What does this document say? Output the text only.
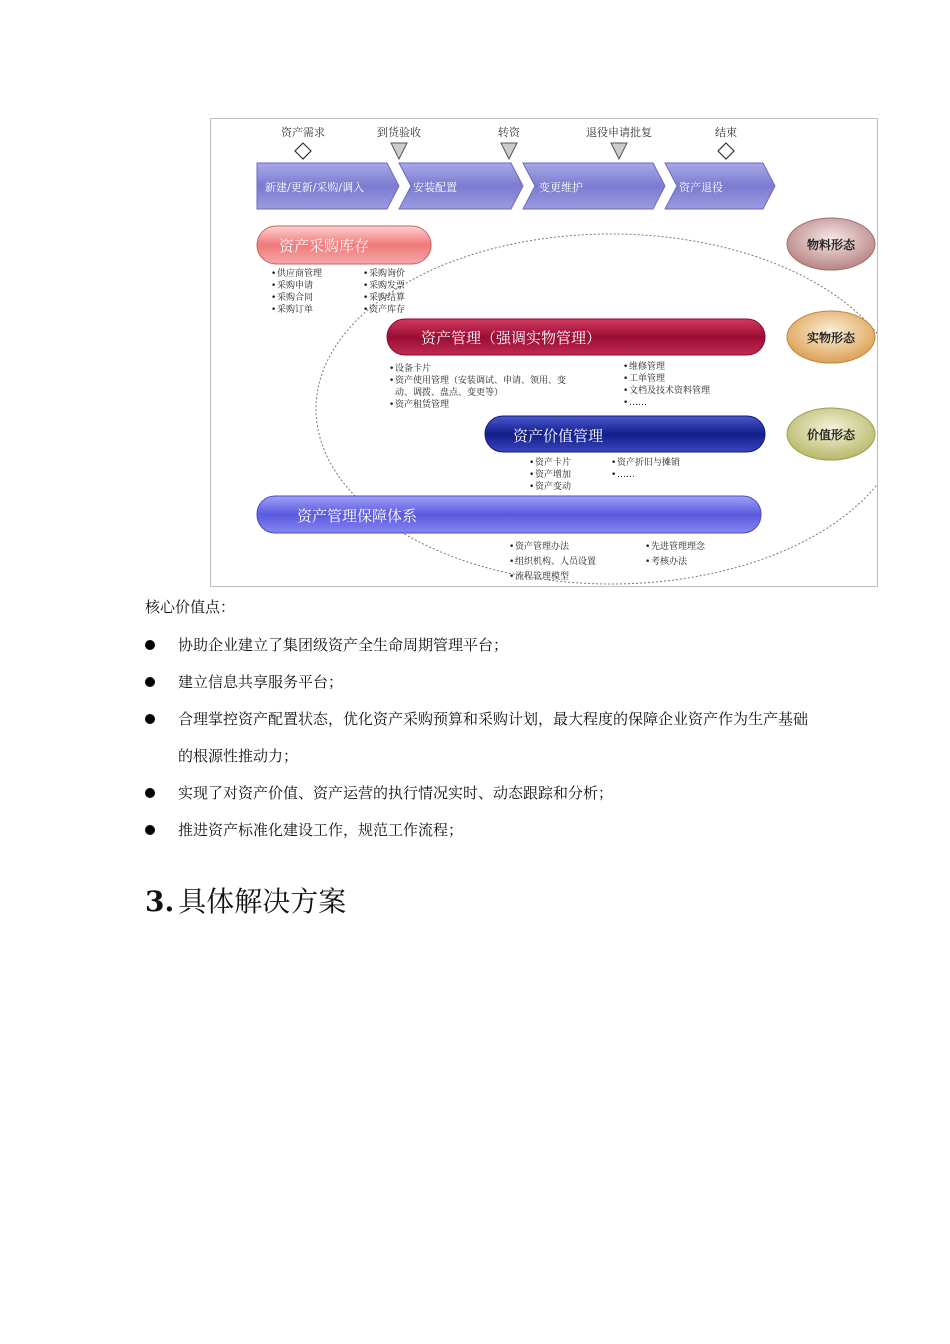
资产需求	到货验收	转资	退役申请批复	结束
新建/更新/采购/调入	安装配置	变更维护	资产退役
资产采购库存
• 供应商管理
• 采购申请
• 采购合同
• 采购订单
• 采购询价
• 采购发票
• 采购结算
• 资产库存
资产管理（强调实物管理）
• 设备卡片
• 资产使用管理（安装调试、申请、领用、变
动、调拨、盘点、变更等）
• 资产租赁管理
• 维修管理
• 工单管理
• 文档及技术资料管理
• ……
资产价值管理
• 资产卡片
• 资产增加
• 资产变动
• 资产折旧与摊销
• ……
资产管理保障体系
• 资产管理办法
• 组织机构、人员设置
• 流程管理模型
• 先进管理理念
• 考核办法
物料形态
实物形态
价值形态
核心价值点：
协助企业建立了集团级资产全生命周期管理平台；
建立信息共享服务平台；
合理掌控资产配置状态，优化资产采购预算和采购计划，最大程度的保障企业资产作为生产基础的根源性推动力；
实现了对资产价值、资产运营的执行情况实时、动态跟踪和分析；
推进资产标准化建设工作，规范工作流程；
3. 具体解决方案
